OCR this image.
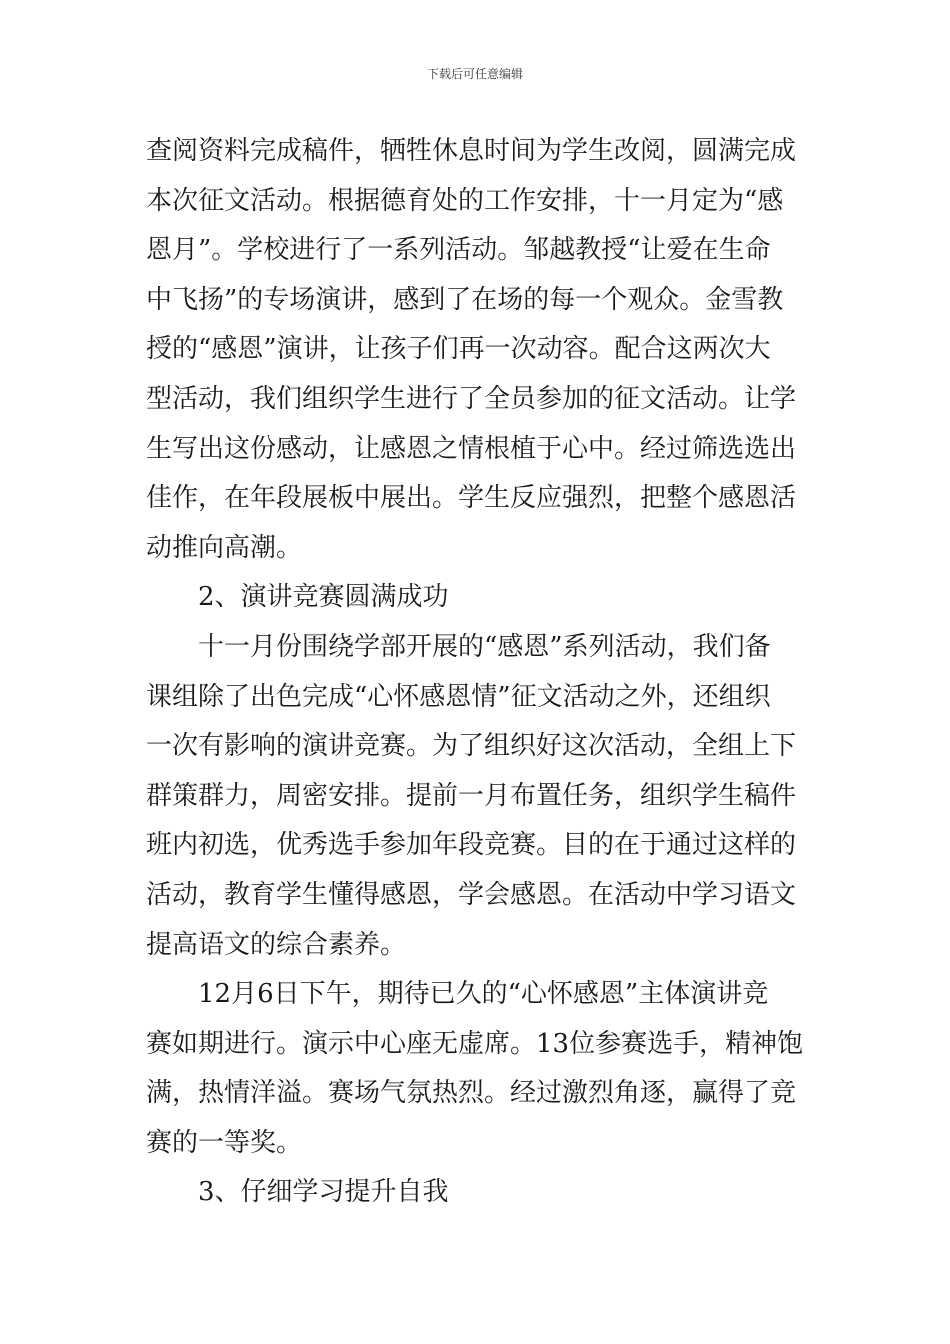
下载后可任意编辑
查阅资料完成稿件，牺牲休息时间为学生改阅，圆满完成
本次征文活动。根据德育处的工作安排，十一月定为“感
恩月”。学校进行了一系列活动。邹越教授“让爱在生命
中飞扬”的专场演讲，感到了在场的每一个观众。金雪教
授的“感恩”演讲，让孩子们再一次动容。配合这两次大
型活动，我们组织学生进行了全员参加的征文活动。让学
生写出这份感动，让感恩之情根植于心中。经过筛选选出
佳作，在年段展板中展出。学生反应强烈，把整个感恩活
动推向高潮。
2、演讲竞赛圆满成功
十一月份围绕学部开展的“感恩”系列活动，我们备
课组除了出色完成“心怀感恩情”征文活动之外，还组织
一次有影响的演讲竞赛。为了组织好这次活动，全组上下
群策群力，周密安排。提前一月布置任务，组织学生稿件
班内初选，优秀选手参加年段竞赛。目的在于通过这样的
活动，教育学生懂得感恩，学会感恩。在活动中学习语文
提高语文的综合素养。
12月6日下午，期待已久的“心怀感恩”主体演讲竞
赛如期进行。演示中心座无虚席。13位参赛选手，精神饱
满，热情洋溢。赛场气氛热烈。经过激烈角逐，赢得了竞
赛的一等奖。
3、仔细学习提升自我
